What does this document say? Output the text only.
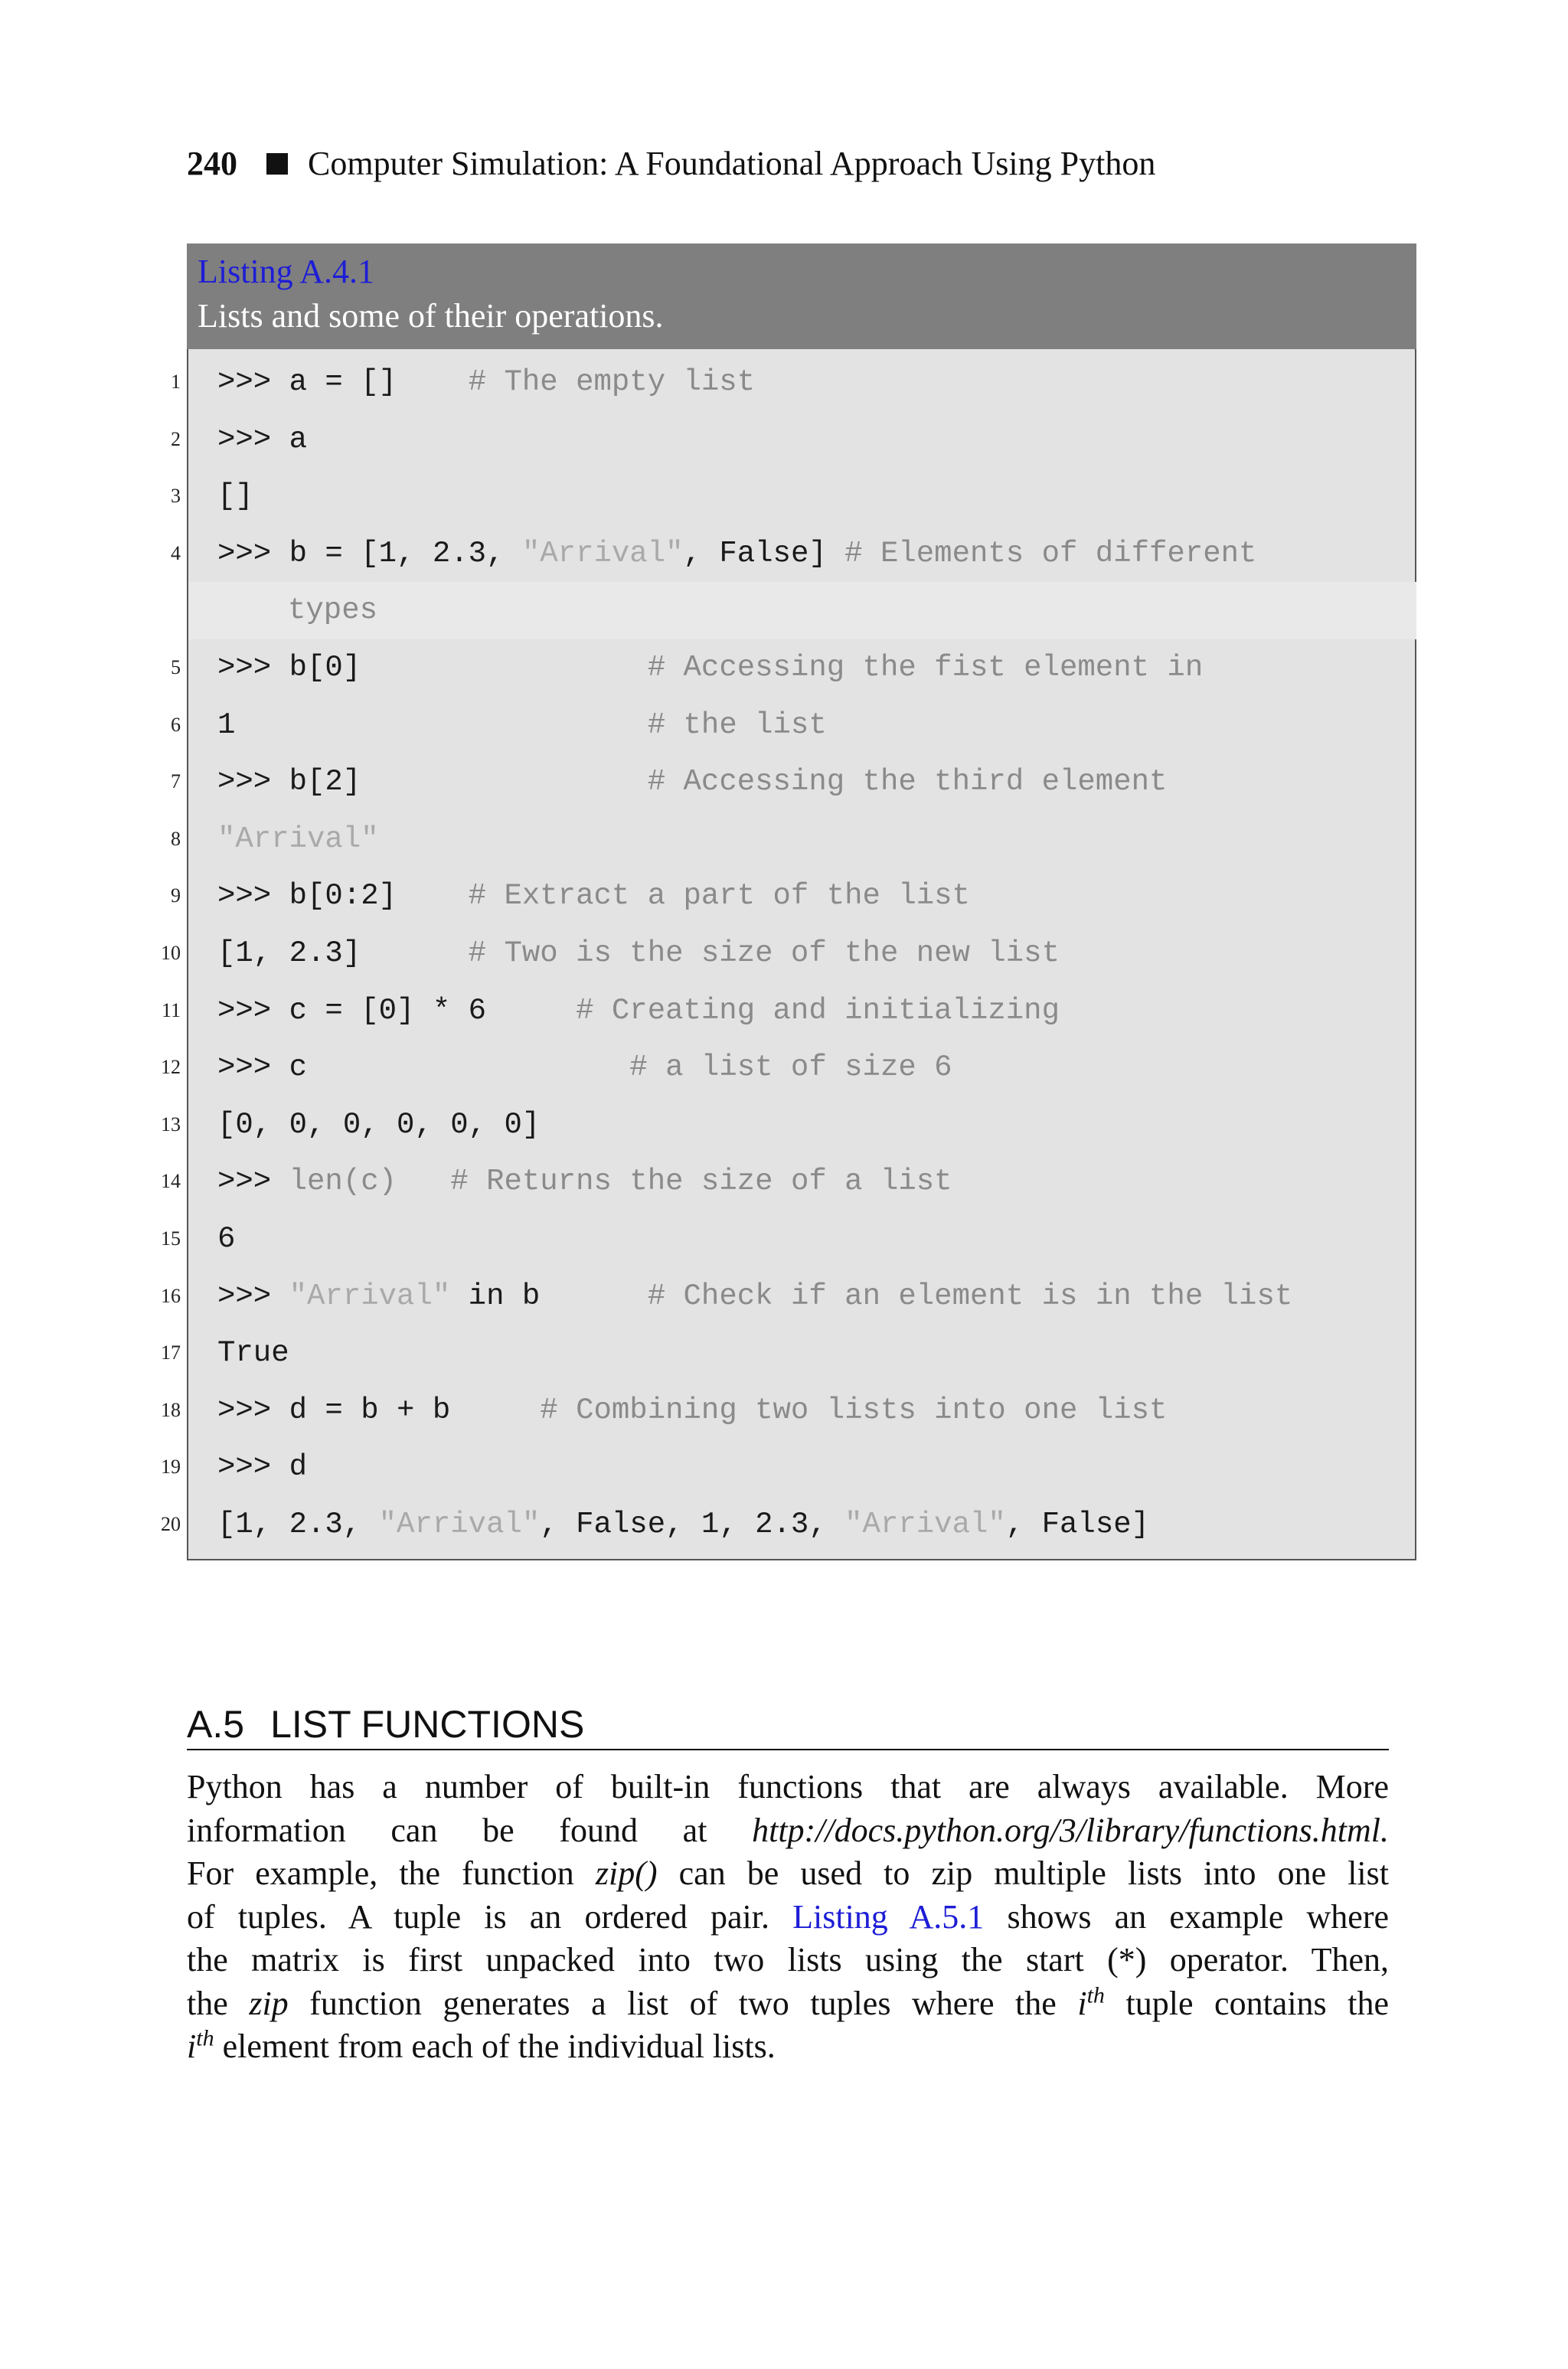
240 Computer Simulation: A Foundational Approach Using Python
Listing A.4.1
Lists and some of their operations.
1 >>> a = []    # The empty list
2 >>> a
3 []
4 >>> b = [1, 2.3, "Arrival", False] # Elements of different
types
5 >>> b[0]                # Accessing the fist element in
6 1                       # the list
7 >>> b[2]                # Accessing the third element
8 "Arrival"
9 >>> b[0:2]    # Extract a part of the list
10 [1, 2.3]      # Two is the size of the new list
11 >>> c = [0] * 6     # Creating and initializing
12 >>> c                  # a list of size 6
13 [0, 0, 0, 0, 0, 0]
14 >>> len(c) # Returns the size of a list
15 6
16 >>> "Arrival" in b      # Check if an element is in the list
17 True
18 >>> d = b + b     # Combining two lists into one list
19 >>> d
20 [1, 2.3, "Arrival", False, 1, 2.3, "Arrival", False]
A.5 LIST FUNCTIONS
Python has a number of built-in functions that are always available. More
information can be found at http://docs.python.org/3/library/functions.html.
For example, the function zip() can be used to zip multiple lists into one list
of tuples. A tuple is an ordered pair. Listing A.5.1 shows an example where
the matrix is first unpacked into two lists using the start (*) operator. Then,
the zip function generates a list of two tuples where the $i^{th}$ tuple contains the
$i^{th}$ element from each of the individual lists.
